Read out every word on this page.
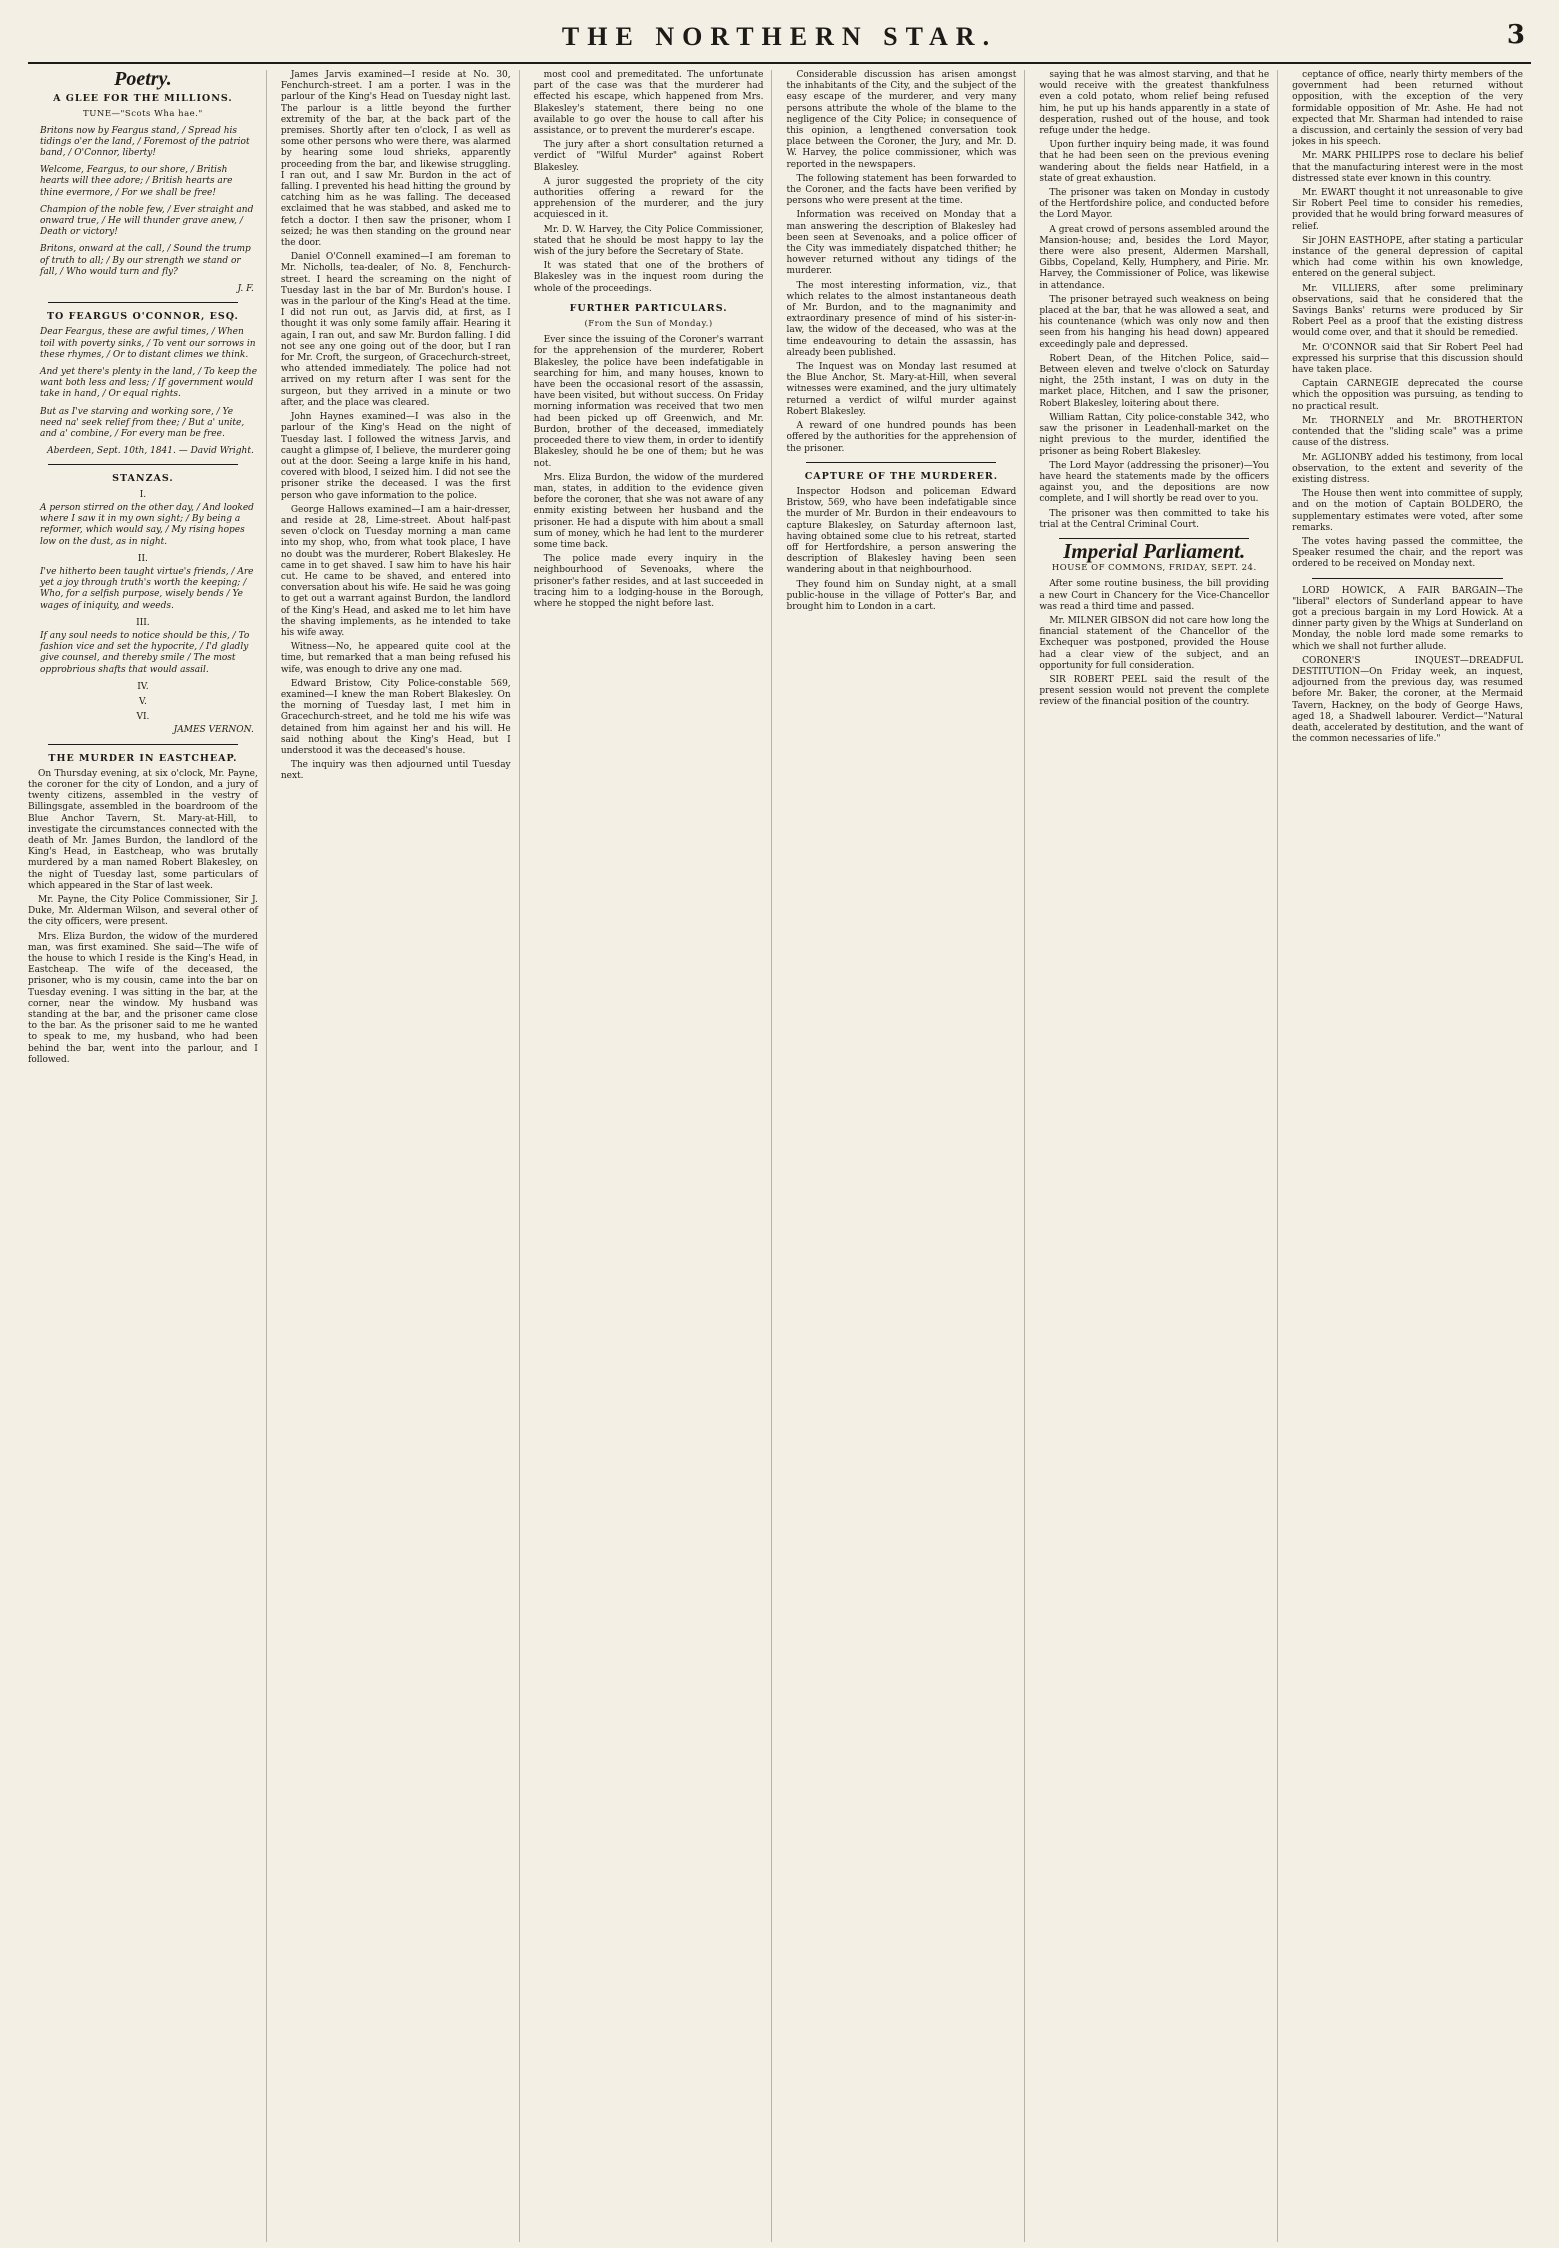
THE NORTHERN STAR.	3
Poetry.
A GLEE FOR THE MILLIONS.
TUNE—"Scots Wha hae."

Britons now by Feargus stand, / Spread his tidings o'er the land, / Foremost of the patriot band, / O'Connor, liberty!

Welcome, Feargus, to our shore, / British hearts will thee adore; / British hearts are thine evermore, / For we shall be free!

Champion of the noble few, / Ever straight and onward true, / He will thunder grave anew, / Death or victory!

Britons, onward at the call, / Sound the trump of truth to all; / By our strength we stand or fall, / Who would turn and fly?

J. F.
TO FEARGUS O'CONNOR, ESQ.

Dear Feargus, these are awful times, / When toil with poverty sinks, / To vent our sorrows in these rhymes, / Or to distant climes we think.

And yet there's plenty in the land, / To keep the want both less and less; / If government would take in hand, / Or equal rights.

But as I've starving and working sore, / Ye need na' seek relief from thee; / But a' unite, and a' combine, / For every man be free.

Aberdeen, Sept. 10th, 1841. — David Wright.
STANZAS.
I.

A person stirred on the other day, / And looked where I saw it in my own sight; / By being a reformer, which would say, / My rising hopes low on the dust, as in night.

II.

I've hitherto been taught virtue's friends, / Are yet a joy through truth's worth the keeping; / Who, for a selfish purpose, wisely bends / Ye wages of iniquity, and weeds.

III.

If any soul needs to notice should be this, / To fashion vice and set the hypocrite, / I'd gladly give counsel, and thereby smile / The most opprobrious shafts that would assail.

IV.
V.
VI.
JAMES VERNON.
THE MURDER IN EASTCHEAP.

On Thursday evening, at six o'clock, Mr. Payne, the coroner for the city of London, and a jury of twenty citizens, assembled in the vestry of Billingsgate, assembled in the boardroom of the Blue Anchor Tavern, St. Mary-at-Hill, to investigate the circumstances connected with the death of Mr. James Burdon, the landlord of the King's Head, in Eastcheap, who was brutally murdered by a man named Robert Blakesley, on the night of Tuesday last, some particulars of which appeared in the Star of last week.

Mr. Payne, the City Police Commissioner, Sir J. Duke, Mr. Alderman Wilson, and several other of the city officers, were present.

Mrs. Eliza Burdon, the widow of the murdered man, was first examined. She said—The wife of the house to which I reside is the King's Head, in Eastcheap. The wife of the deceased, the prisoner, who is my cousin, came into the bar on Tuesday evening. I was sitting in the bar, at the corner, near the window. My husband was standing at the bar, and the prisoner came close to the bar. As the prisoner said to me he wanted to speak to me, my husband, who had been behind the bar, went into the parlour, and I followed.

James Jarvis examined—I reside at No. 30, Fenchurch-street. I am a porter. I was in the parlour of the King's Head on Tuesday night last. The parlour is a little beyond the further extremity of the bar, at the back part of the premises. Shortly after ten o'clock, I as well as some other persons who were there, was alarmed by hearing some loud shrieks, apparently proceeding from the bar, and likewise struggling. I ran out, and I saw Mr. Burdon in the act of falling. I prevented his head hitting the ground by catching him as he was falling. The deceased exclaimed that he was stabbed, and asked me to fetch a doctor. I then saw the prisoner, whom I seized; he was then standing on the ground near the door.

Daniel O'Connell examined—I am foreman to Mr. Nicholls, tea-dealer, of No. 8, Fenchurch-street. I heard the screaming on the night of Tuesday last in the bar of Mr. Burdon's house. I was in the parlour of the King's Head at the time. I did not run out, as Jarvis did, at first, as I thought it was only some family affair. Hearing it again, I ran out, and saw Mr. Burdon falling. I did not see any one going out of the door, but I ran for Mr. Croft, the surgeon, of Gracechurch-street, who attended immediately. The police had not arrived on my return after I was sent for the surgeon, but they arrived in a minute or two after, and the place was cleared.

John Haynes examined—I was also in the parlour of the King's Head on the night of Tuesday last. I followed the witness Jarvis, and caught a glimpse of, I believe, the murderer going out at the door. Seeing a large knife in his hand, covered with blood, I seized him. I did not see the prisoner strike the deceased. I was the first person who gave information to the police.

George Hallows examined—I am a hair-dresser, and reside at 28, Lime-street. About half-past seven o'clock on Tuesday morning a man came into my shop, who, from what took place, I have no doubt was the murderer, Robert Blakesley. He came in to get shaved. I saw him to have his hair cut. He came to be shaved, and entered into conversation about his wife. He said he was going to get out a warrant against Burdon, the landlord of the King's Head, and asked me to let him have the shaving implements, as he intended to take his wife away.

Witness—No, he appeared quite cool at the time, but remarked that a man being refused his wife, was enough to drive any one mad.

Edward Bristow, City Police-constable 569, examined—I knew the man Robert Blakesley. On the morning of Tuesday last, I met him in Gracechurch-street, and he told me his wife was detained from him against her and his will. He said nothing about the King's Head, but I understood it was the deceased's house.

The inquiry was then adjourned until Tuesday next.

most cool and premeditated. The unfortunate part of the case was that the murderer had effected his escape, which happened from Mrs. Blakesley's statement, there being no one available to go over the house to call after his assistance, or to prevent the murderer's escape.

The jury after a short consultation returned a verdict of "Wilful Murder" against Robert Blakesley.

A juror suggested the propriety of the city authorities offering a reward for the apprehension of the murderer, and the jury acquiesced in it.

Mr. D. W. Harvey, the City Police Commissioner, stated that he should be most happy to lay the wish of the jury before the Secretary of State.

It was stated that one of the brothers of Blakesley was in the inquest room during the whole of the proceedings.

FURTHER PARTICULARS.
(From the Sun of Monday.)

Ever since the issuing of the Coroner's warrant for the apprehension of the murderer, Robert Blakesley, the police have been indefatigable in searching for him, and many houses, known to have been the occasional resort of the assassin, have been visited, but without success. On Friday morning information was received that two men had been picked up off Greenwich, and Mr. Burdon, brother of the deceased, immediately proceeded there to view them, in order to identify Blakesley, should he be one of them; but he was not.

Mrs. Eliza Burdon, the widow of the murdered man, states, in addition to the evidence given before the coroner, that she was not aware of any enmity existing between her husband and the prisoner. He had a dispute with him about a small sum of money, which he had lent to the murderer some time back.

The police made every inquiry in the neighbourhood of Sevenoaks, where the prisoner's father resides, and at last succeeded in tracing him to a lodging-house in the Borough, where he stopped the night before last.

Considerable discussion has arisen amongst the inhabitants of the City, and the subject of the easy escape of the murderer, and very many persons attribute the whole of the blame to the negligence of the City Police; in consequence of this opinion, a lengthened conversation took place between the Coroner, the Jury, and Mr. D. W. Harvey, the police commissioner, which was reported in the newspapers.

The following statement has been forwarded to the Coroner, and the facts have been verified by persons who were present at the time.

Information was received on Monday that a man answering the description of Blakesley had been seen at Sevenoaks, and a police officer of the City was immediately dispatched thither; he however returned without any tidings of the murderer.

The most interesting information, viz., that which relates to the almost instantaneous death of Mr. Burdon, and to the magnanimity and extraordinary presence of mind of his sister-in-law, the widow of the deceased, who was at the time endeavouring to detain the assassin, has already been published.

The Inquest was on Monday last resumed at the Blue Anchor, St. Mary-at-Hill, when several witnesses were examined, and the jury ultimately returned a verdict of wilful murder against Robert Blakesley.

A reward of one hundred pounds has been offered by the authorities for the apprehension of the prisoner.

CAPTURE OF THE MURDERER.

Inspector Hodson and policeman Edward Bristow, 569, who have been indefatigable since the murder of Mr. Burdon in their endeavours to capture Blakesley, on Saturday afternoon last, having obtained some clue to his retreat, started off for Hertfordshire, a person answering the description of Blakesley having been seen wandering about in that neighbourhood.

They found him on Sunday night, at a small public-house in the village of Potter's Bar, and brought him to London in a cart.

saying that he was almost starving, and that he would receive with the greatest thankfulness even a cold potato, whom relief being refused him, he put up his hands apparently in a state of desperation, rushed out of the house, and took refuge under the hedge.

Upon further inquiry being made, it was found that he had been seen on the previous evening wandering about the fields near Hatfield, in a state of great exhaustion.

The prisoner was taken on Monday in custody of the Hertfordshire police, and conducted before the Lord Mayor.

A great crowd of persons assembled around the Mansion-house; and, besides the Lord Mayor, there were also present, Aldermen Marshall, Gibbs, Copeland, Kelly, Humphery, and Pirie. Mr. Harvey, the Commissioner of Police, was likewise in attendance.

The prisoner betrayed such weakness on being placed at the bar, that he was allowed a seat, and his countenance (which was only now and then seen from his hanging his head down) appeared exceedingly pale and depressed.

Robert Dean, of the Hitchen Police, said—Between eleven and twelve o'clock on Saturday night, the 25th instant, I was on duty in the market place, Hitchen, and I saw the prisoner, Robert Blakesley, loitering about there.

William Rattan, City police-constable 342, who saw the prisoner in Leadenhall-market on the night previous to the murder, identified the prisoner as being Robert Blakesley.

The Lord Mayor (addressing the prisoner)—You have heard the statements made by the officers against you, and the depositions are now complete, and I will shortly be read over to you.

The prisoner was then committed to take his trial at the Central Criminal Court.

Imperial Parliament.
HOUSE OF COMMONS, FRIDAY, SEPT. 24.

After some routine business, the bill providing a new Court in Chancery for the Vice-Chancellor was read a third time and passed.

Mr. MILNER GIBSON did not care how long the financial statement of the Chancellor of the Exchequer was postponed, provided the House had a clear view of the subject, and an opportunity for full consideration.

SIR ROBERT PEEL said the result of the present session would not prevent the complete review of the financial position of the country.

ceptance of office, nearly thirty members of the government had been returned without opposition, with the exception of the very formidable opposition of Mr. Ashe. He had not expected that Mr. Sharman had intended to raise a discussion, and certainly the session of very bad jokes in his speech.

Mr. MARK PHILIPPS rose to declare his belief that the manufacturing interest were in the most distressed state ever known in this country.

Mr. EWART thought it not unreasonable to give Sir Robert Peel time to consider his remedies, provided that he would bring forward measures of relief.

Sir JOHN EASTHOPE, after stating a particular instance of the general depression of capital which had come within his own knowledge, entered on the general subject.

Mr. VILLIERS, after some preliminary observations, said that he considered that the Savings Banks' returns were produced by Sir Robert Peel as a proof that the existing distress would come over, and that it should be remedied.

Mr. O'CONNOR said that Sir Robert Peel had expressed his surprise that this discussion should have taken place.

Captain CARNEGIE deprecated the course which the opposition was pursuing, as tending to no practical result.

Mr. THORNELY and Mr. BROTHERTON contended that the "sliding scale" was a prime cause of the distress.

Mr. AGLIONBY added his testimony, from local observation, to the extent and severity of the existing distress.

The House then went into committee of supply, and on the motion of Captain BOLDERO, the supplementary estimates were voted, after some remarks.

The votes having passed the committee, the Speaker resumed the chair, and the report was ordered to be received on Monday next.

LORD HOWICK, A FAIR BARGAIN—The "liberal" electors of Sunderland appear to have got a precious bargain in my Lord Howick. At a dinner party given by the Whigs at Sunderland on Monday, the noble lord made some remarks to which we shall not further allude.

CORONER'S INQUEST—DREADFUL DESTITUTION—On Friday week, an inquest, adjourned from the previous day, was resumed before Mr. Baker, the coroner, at the Mermaid Tavern, Hackney, on the body of George Haws, aged 18, a Shadwell labourer. Verdict—"Natural death, accelerated by destitution, and the want of the common necessaries of life."
